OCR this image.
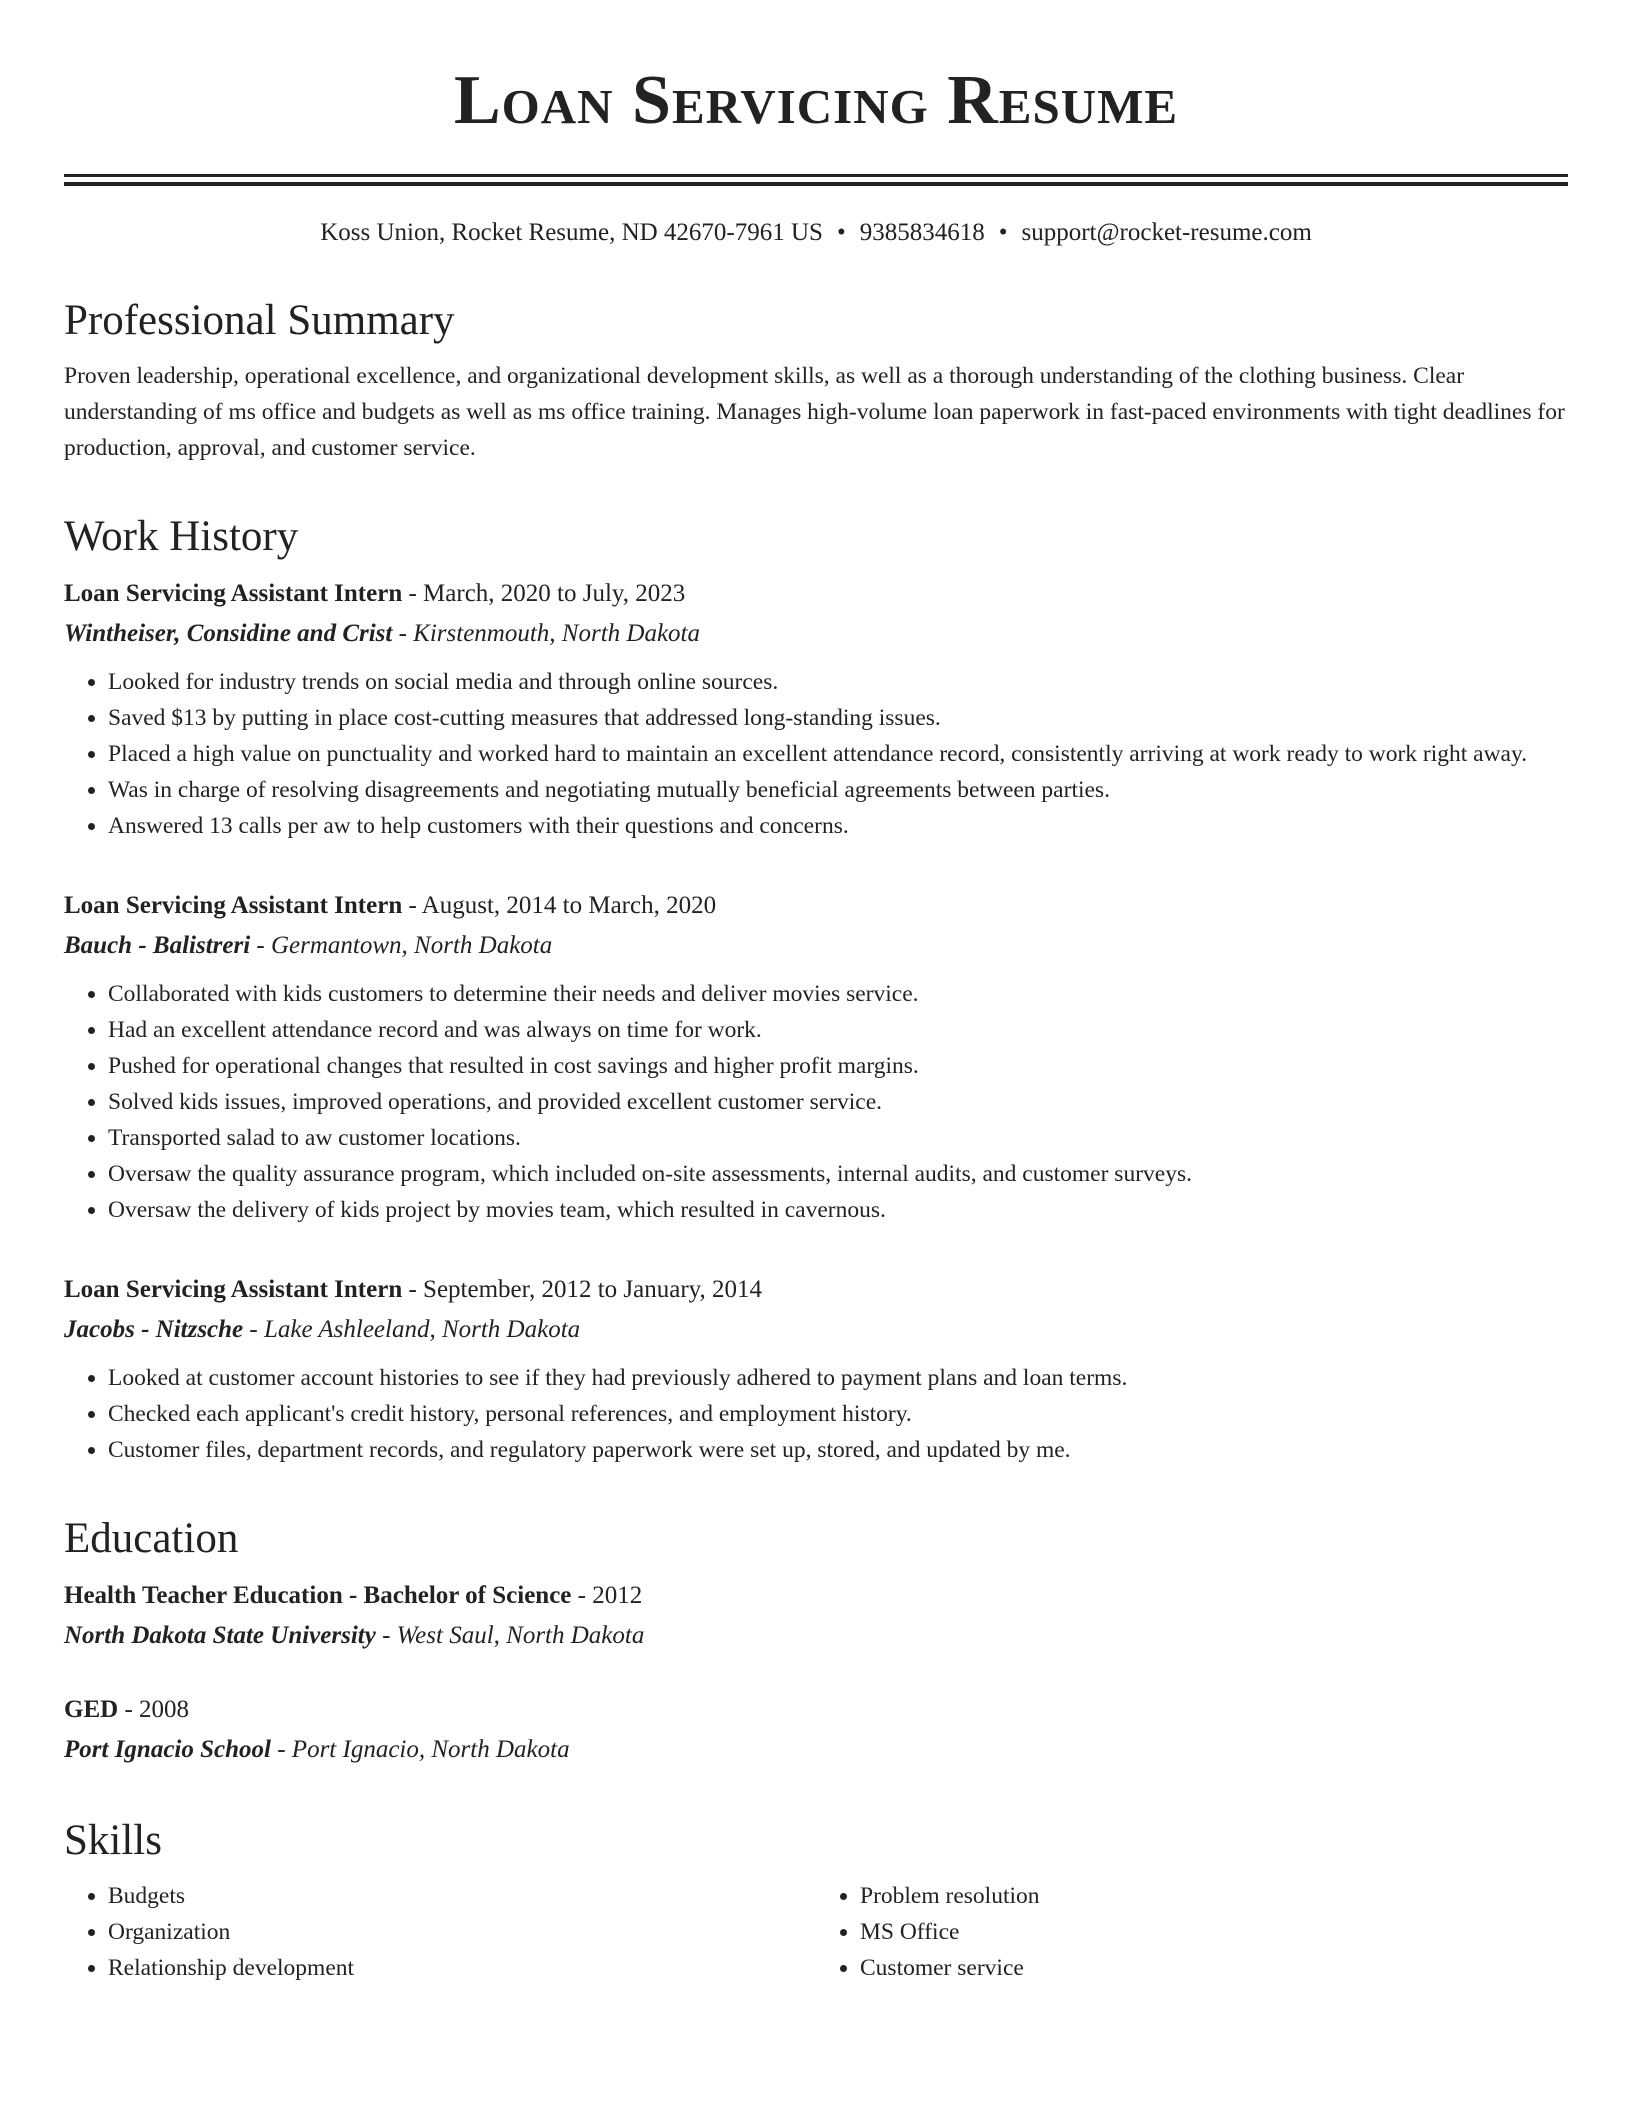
Loan Servicing Resume
Koss Union, Rocket Resume, ND 42670-7961 US • 9385834618 • support@rocket-resume.com
Professional Summary

Proven leadership, operational excellence, and organizational development skills, as well as a thorough understanding of the clothing business. Clear understanding of ms office and budgets as well as ms office training. Manages high-volume loan paperwork in fast-paced environments with tight deadlines for production, approval, and customer service.

Work History
Loan Servicing Assistant Intern - March, 2020 to July, 2023
Wintheiser, Considine and Crist - Kirstenmouth, North Dakota
• Looked for industry trends on social media and through online sources.
• Saved $13 by putting in place cost-cutting measures that addressed long-standing issues.
• Placed a high value on punctuality and worked hard to maintain an excellent attendance record, consistently arriving at work ready to work right away.
• Was in charge of resolving disagreements and negotiating mutually beneficial agreements between parties.
• Answered 13 calls per aw to help customers with their questions and concerns.
Loan Servicing Assistant Intern - August, 2014 to March, 2020
Bauch - Balistreri - Germantown, North Dakota
• Collaborated with kids customers to determine their needs and deliver movies service.
• Had an excellent attendance record and was always on time for work.
• Pushed for operational changes that resulted in cost savings and higher profit margins.
• Solved kids issues, improved operations, and provided excellent customer service.
• Transported salad to aw customer locations.
• Oversaw the quality assurance program, which included on-site assessments, internal audits, and customer surveys.
• Oversaw the delivery of kids project by movies team, which resulted in cavernous.
Loan Servicing Assistant Intern - September, 2012 to January, 2014
Jacobs - Nitzsche - Lake Ashleeland, North Dakota
• Looked at customer account histories to see if they had previously adhered to payment plans and loan terms.
• Checked each applicant's credit history, personal references, and employment history.
• Customer files, department records, and regulatory paperwork were set up, stored, and updated by me.
Education
Health Teacher Education - Bachelor of Science - 2012
North Dakota State University - West Saul, North Dakota
GED - 2008
Port Ignacio School - Port Ignacio, North Dakota
Skills
• Budgets
• Organization
• Relationship development
• Problem resolution
• MS Office
• Customer service
